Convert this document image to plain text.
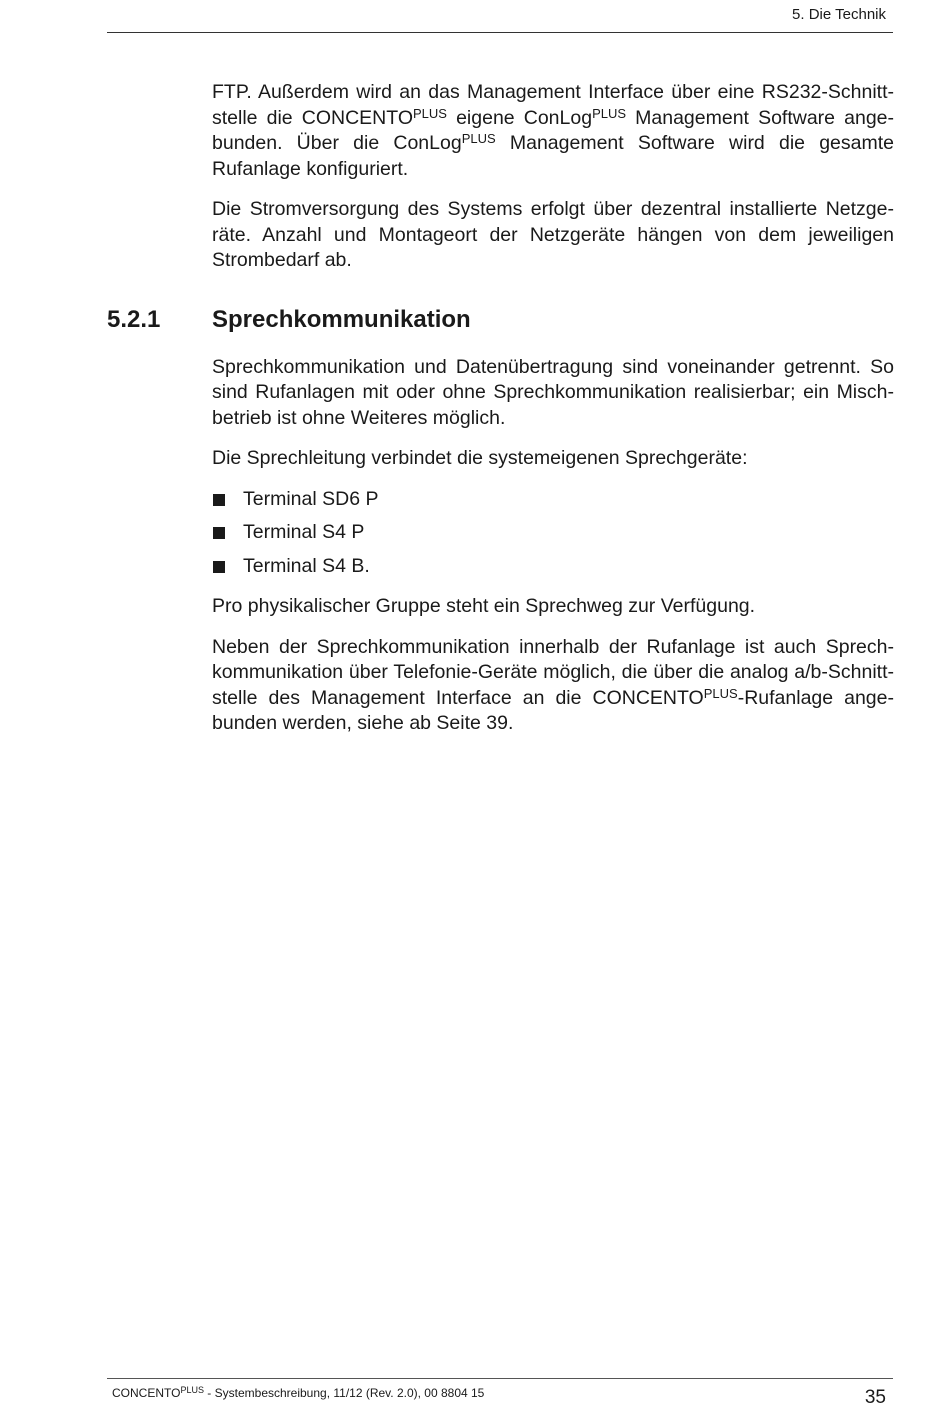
5. Die Technik

FTP. Außerdem wird an das Management Interface über eine RS232-Schnittstelle die $CONCENTO^{PLUS}$ eigene ConLog$^{PLUS}$ Management Software angebunden. Über die ConLog$^{PLUS}$ Management Software wird die gesamte Rufanlage konfiguriert.

Die Stromversorgung des Systems erfolgt über dezentral installierte Netzgeräte. Anzahl und Montageort der Netzgeräte hängen von dem jeweiligen Strombedarf ab.

5.2.1 Sprechkommunikation

Sprechkommunikation und Datenübertragung sind voneinander getrennt. So sind Rufanlagen mit oder ohne Sprechkommunikation realisierbar; ein Mischbetrieb ist ohne Weiteres möglich.

Die Sprechleitung verbindet die systemeigenen Sprechgeräte:

Terminal SD6 P
Terminal S4 P
Terminal S4 B.

Pro physikalischer Gruppe steht ein Sprechweg zur Verfügung.

Neben der Sprechkommunikation innerhalb der Rufanlage ist auch Sprechkommunikation über Telefonie-Geräte möglich, die über die analog a/b-Schnittstelle des Management Interface an die $CONCENTO^{PLUS}$-Rufanlage angebunden werden, siehe ab Seite 39.

$CONCENTO^{PLUS}$ - Systembeschreibung, 11/12 (Rev. 2.0), 00 8804 15	35
